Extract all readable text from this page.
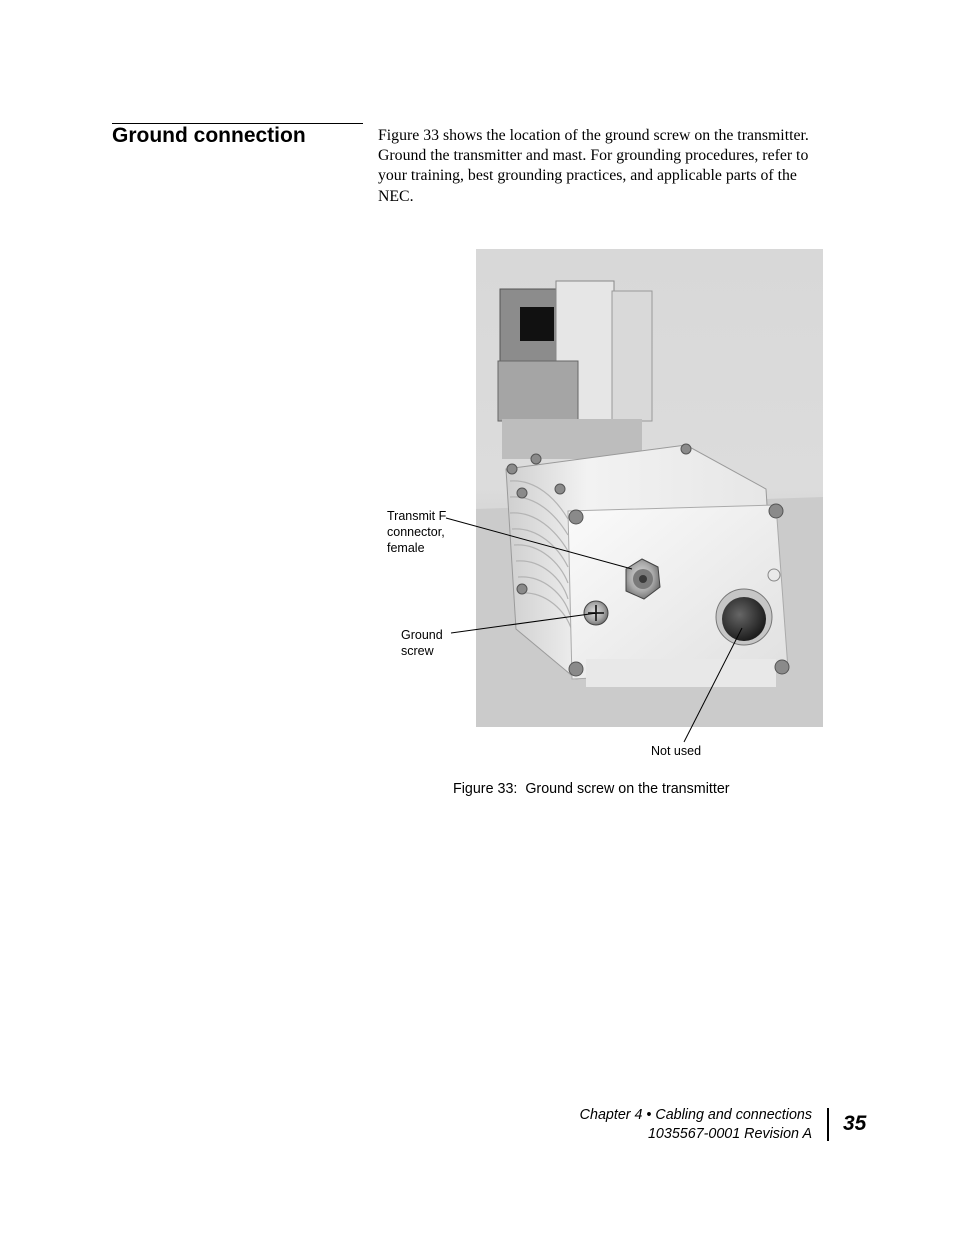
Ground connection	Figure 33 shows the location of the ground screw on the transmitter. Ground the transmitter and mast. For grounding procedures, refer to your training, best grounding practices, and applicable parts of the NEC.
Transmit F connector, female
Ground screw
Not used
Figure 33:  Ground screw on the transmitter
Chapter 4 • Cabling and connections
1035567-0001 Revision A 35
